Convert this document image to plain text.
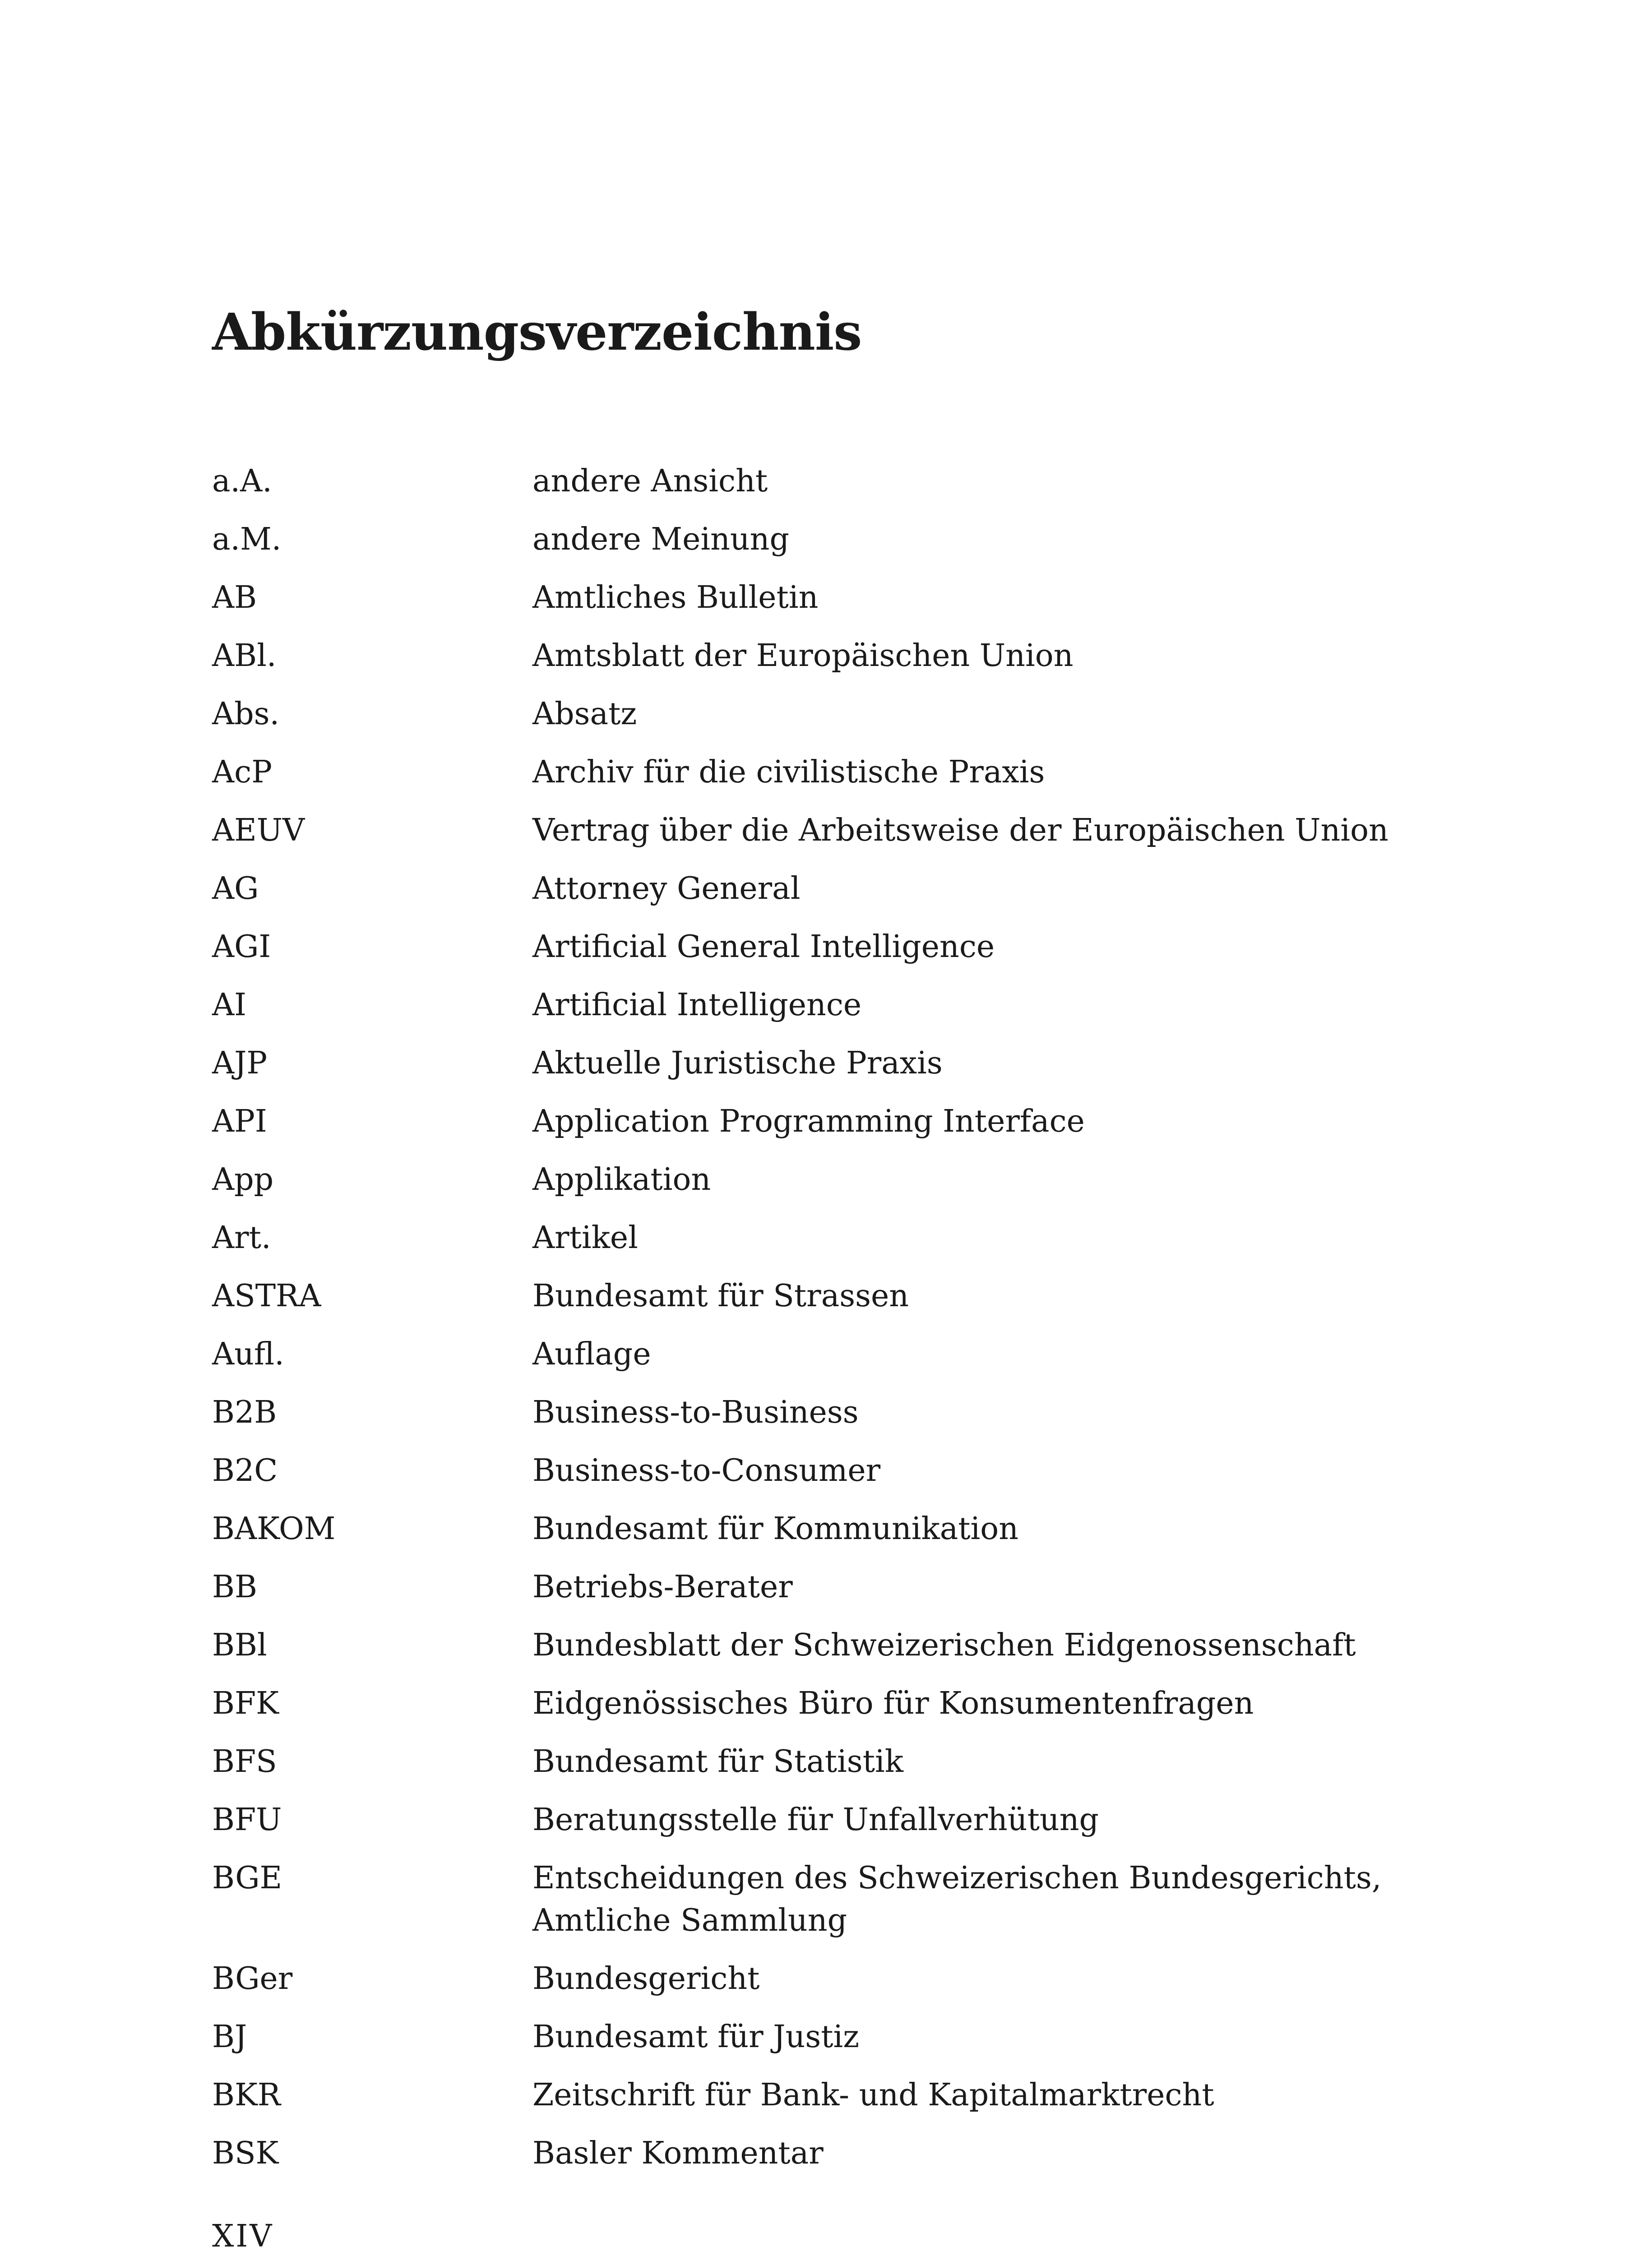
Abkürzungsverzeichnis
a.A.	andere Ansicht
a.M.	andere Meinung
AB	Amtliches Bulletin
ABl.	Amtsblatt der Europäischen Union
Abs.	Absatz
AcP	Archiv für die civilistische Praxis
AEUV	Vertrag über die Arbeitsweise der Europäischen Union
AG	Attorney General
AGI	Artificial General Intelligence
AI	Artificial Intelligence
AJP	Aktuelle Juristische Praxis
API	Application Programming Interface
App	Applikation
Art.	Artikel
ASTRA	Bundesamt für Strassen
Aufl.	Auflage
B2B	Business-to-Business
B2C	Business-to-Consumer
BAKOM	Bundesamt für Kommunikation
BB	Betriebs-Berater
BBl	Bundesblatt der Schweizerischen Eidgenossenschaft
BFK	Eidgenössisches Büro für Konsumentenfragen
BFS	Bundesamt für Statistik
BFU	Beratungsstelle für Unfallverhütung
BGE	Entscheidungen des Schweizerischen Bundesgerichts, Amtliche Sammlung
BGer	Bundesgericht
BJ	Bundesamt für Justiz
BKR	Zeitschrift für Bank- und Kapitalmarktrecht
BSK	Basler Kommentar
XIV
